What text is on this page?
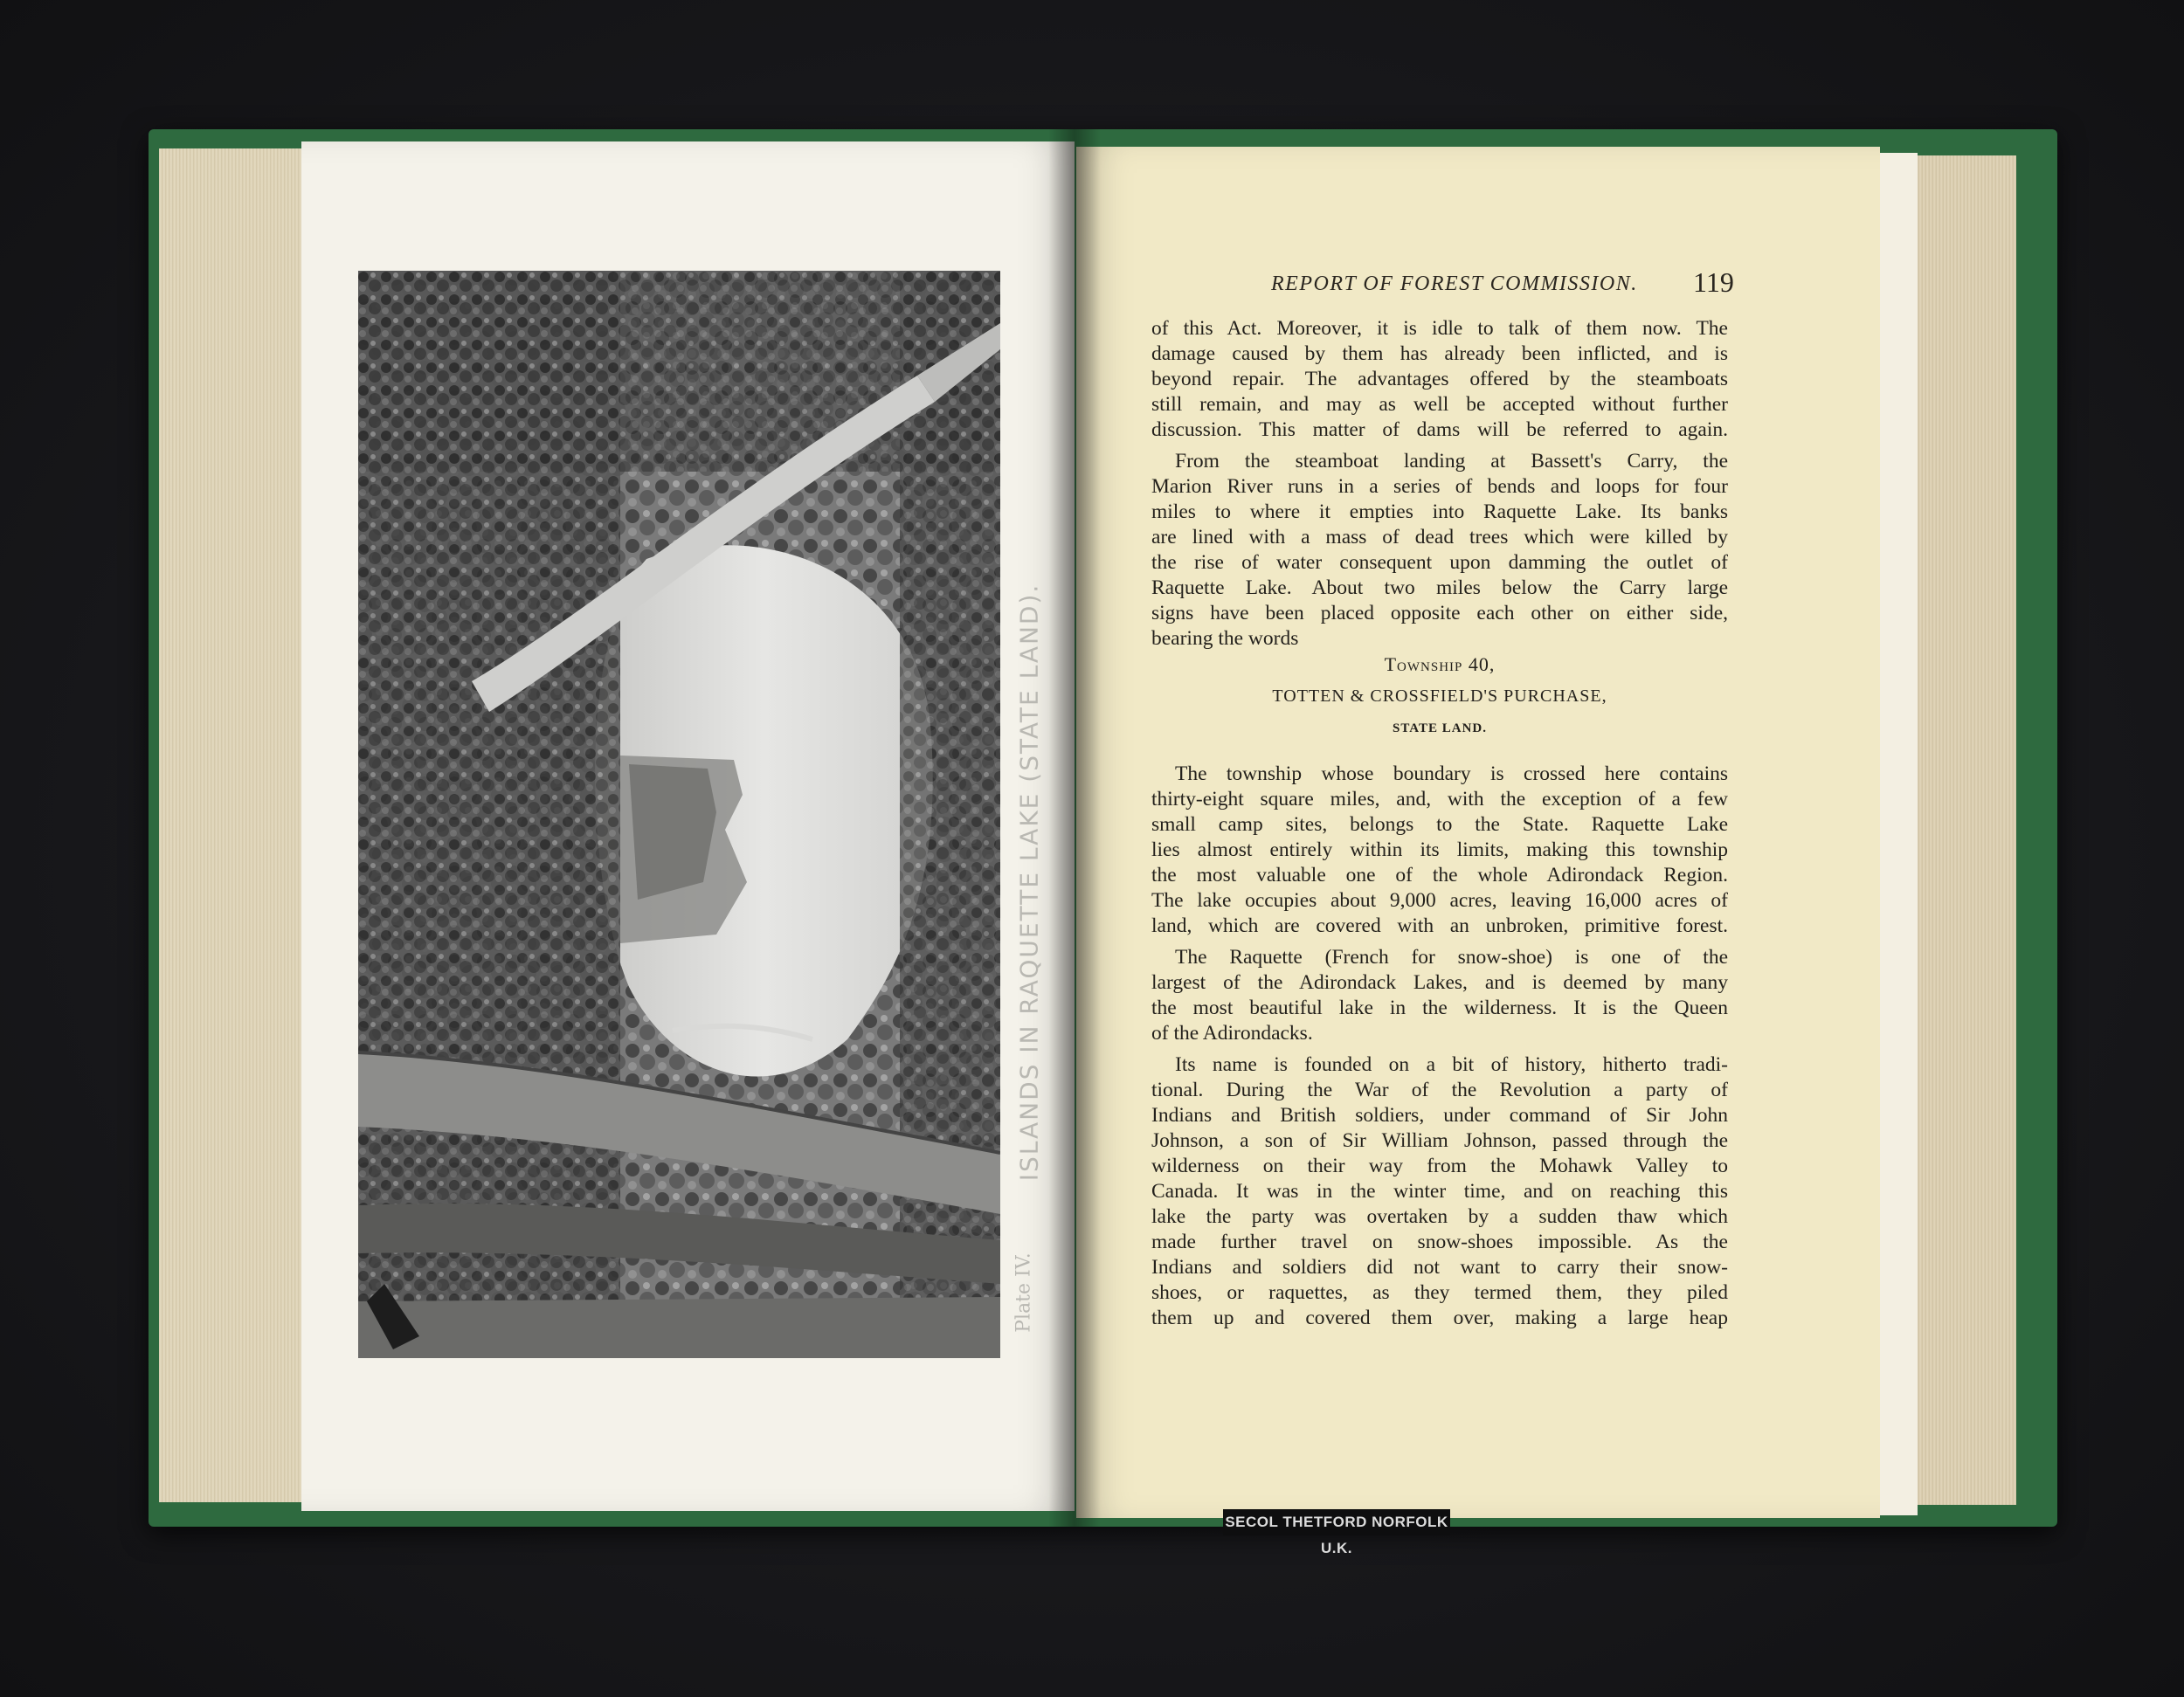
ISLANDS IN RAQUETTE LAKE (STATE LAND).
Plate IV.
REPORT OF FOREST COMMISSION. 119
of this Act. Moreover, it is idle to talk of them now. The
damage caused by them has already been inflicted, and is
beyond repair. The advantages offered by the steamboats
still remain, and may as well be accepted without further
discussion. This matter of dams will be referred to again.
From the steamboat landing at Bassett's Carry, the
Marion River runs in a series of bends and loops for four
miles to where it empties into Raquette Lake. Its banks
are lined with a mass of dead trees which were killed by
the rise of water consequent upon damming the outlet of
Raquette Lake. About two miles below the Carry large
signs have been placed opposite each other on either side,
bearing the words
Township 40,
TOTTEN & CROSSFIELD'S PURCHASE,
STATE LAND.
The township whose boundary is crossed here contains
thirty-eight square miles, and, with the exception of a few
small camp sites, belongs to the State. Raquette Lake
lies almost entirely within its limits, making this township
the most valuable one of the whole Adirondack Region.
The lake occupies about 9,000 acres, leaving 16,000 acres of
land, which are covered with an unbroken, primitive forest.
The Raquette (French for snow-shoe) is one of the
largest of the Adirondack Lakes, and is deemed by many
the most beautiful lake in the wilderness. It is the Queen
of the Adirondacks.
Its name is founded on a bit of history, hitherto tradi-
tional. During the War of the Revolution a party of
Indians and British soldiers, under command of Sir John
Johnson, a son of Sir William Johnson, passed through the
wilderness on their way from the Mohawk Valley to
Canada. It was in the winter time, and on reaching this
lake the party was overtaken by a sudden thaw which
made further travel on snow-shoes impossible. As the
Indians and soldiers did not want to carry their snow-
shoes, or raquettes, as they termed them, they piled
them up and covered them over, making a large heap
SECOL THETFORD NORFOLK U.K.
